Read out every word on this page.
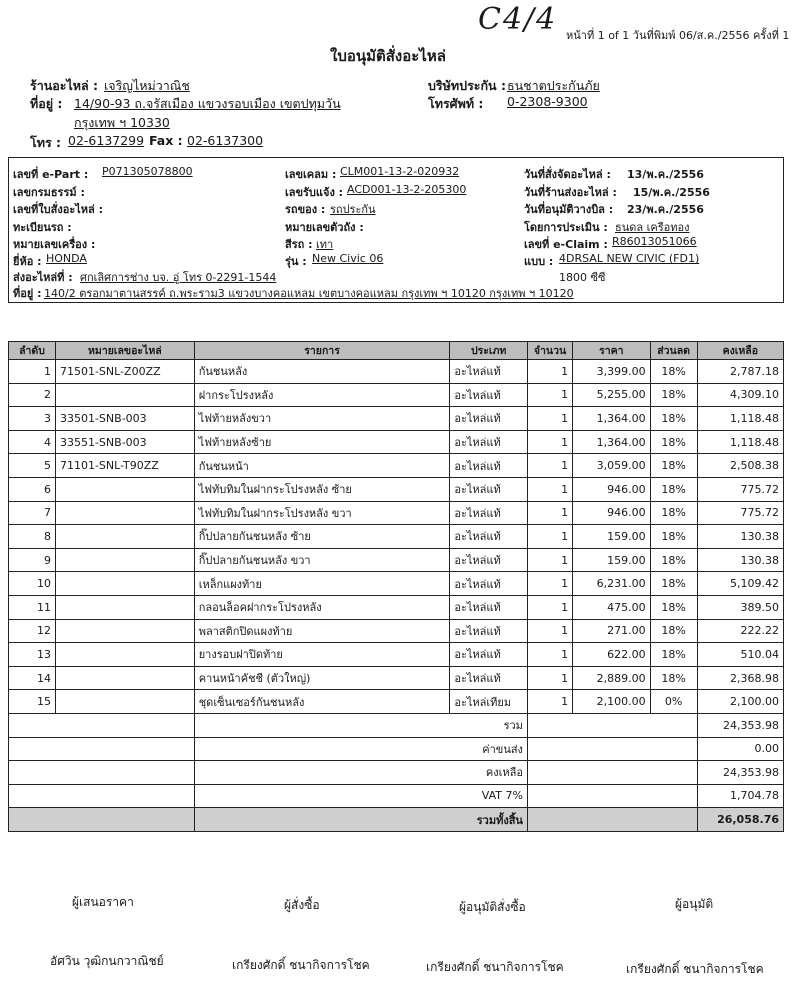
C4/4 หน้าที่ 1 of 1 วันที่พิมพ์ 06/ส.ค./2556 ครั้งที่ 1
ใบอนุมัติสั่งอะไหล่
ร้านอะไหล่ : เจริญไหม่วาณิช
ที่อยู่ : 14/90-93 ถ.จรัสเมือง แขวงรอบเมือง เขตปทุมวัน
กรุงเทพ ฯ 10330
โทร : 02-6137299 Fax : 02-6137300
บริษัทประกัน : ธนชาตประกันภัย
โทรศัพท์ : 0-2308-9300
เลขที่ e-Part : P071305078800
เลขกรมธรรม์ :
เลขที่ใบสั่งอะไหล่ :
ทะเบียนรถ :
หมายเลขเครื่อง :
ยี่ห้อ : HONDA
ส่งอะไหล่ที่ : ศกเลิศการช่าง บจ. อู่ โทร 0-2291-1544
ที่อยู่ : 140/2 ตรอกมาตานสรรค์ ถ.พระราม3 แขวงบางคอแหลม เขตบางคอแหลม กรุงเทพ ฯ 10120 กรุงเทพ ฯ 10120
เลขเคลม : CLM001-13-2-020932
เลขรับแจ้ง : ACD001-13-2-205300
รถของ : รถประกัน
หมายเลขตัวถัง :
สีรถ : เทา
รุ่น : New Civic 06
วันที่สั่งจัดอะไหล่ : 13/พ.ค./2556
วันที่ร้านส่งอะไหล่ : 15/พ.ค./2556
วันที่อนุมัติวางบิล : 23/พ.ค./2556
โดยการประเมิน : ธนดล เครือทอง
เลขที่ e-Claim : R86013051066
แบบ : 4DRSAL NEW CIVIC (FD1)
1800 ซีซี
ลำดับ	หมายเลขอะไหล่	รายการ	ประเภท	จำนวน	ราคา	ส่วนลด	คงเหลือ
1	71501-SNL-Z00ZZ	กันชนหลัง	อะไหล่แท้	1	3,399.00	18%	2,787.18
2		ฝากระโปรงหลัง	อะไหล่แท้	1	5,255.00	18%	4,309.10
3	33501-SNB-003	ไฟท้ายหลังขวา	อะไหล่แท้	1	1,364.00	18%	1,118.48
4	33551-SNB-003	ไฟท้ายหลังซ้าย	อะไหล่แท้	1	1,364.00	18%	1,118.48
5	71101-SNL-T90ZZ	กันชนหน้า	อะไหล่แท้	1	3,059.00	18%	2,508.38
6		ไฟทับทิมในฝากระโปรงหลัง ซ้าย	อะไหล่แท้	1	946.00	18%	775.72
7		ไฟทับทิมในฝากระโปรงหลัง ขวา	อะไหล่แท้	1	946.00	18%	775.72
8		กิ๊ปปลายกันชนหลัง ซ้าย	อะไหล่แท้	1	159.00	18%	130.38
9		กิ๊ปปลายกันชนหลัง ขวา	อะไหล่แท้	1	159.00	18%	130.38
10		เหล็กแผงท้าย	อะไหล่แท้	1	6,231.00	18%	5,109.42
11		กลอนล็อคฝากระโปรงหลัง	อะไหล่แท้	1	475.00	18%	389.50
12		พลาสติกปิดแผงท้าย	อะไหล่แท้	1	271.00	18%	222.22
13		ยางรอบฝาปิดท้าย	อะไหล่แท้	1	622.00	18%	510.04
14		คานหน้าคัชชี (ตัวใหญ่)	อะไหล่แท้	1	2,889.00	18%	2,368.98
15		ชุดเซ็นเซอร์กันชนหลัง	อะไหล่เทียม	1	2,100.00	0%	2,100.00
		รวม					24,353.98
		ค่าขนส่ง					0.00
		คงเหลือ					24,353.98
		VAT 7%					1,704.78
		รวมทั้งสิ้น					26,058.76
ผู้เสนอราคา	ผู้สั่งซื้อ	ผู้อนุมัติสั่งซื้อ	ผู้อนุมัติ
อัศวิน วุฒิกนกวาณิชย์	เกรียงศักดิ์ ชนากิจการโชค	เกรียงศักดิ์ ชนากิจการโชค	เกรียงศักดิ์ ชนากิจการโชค
